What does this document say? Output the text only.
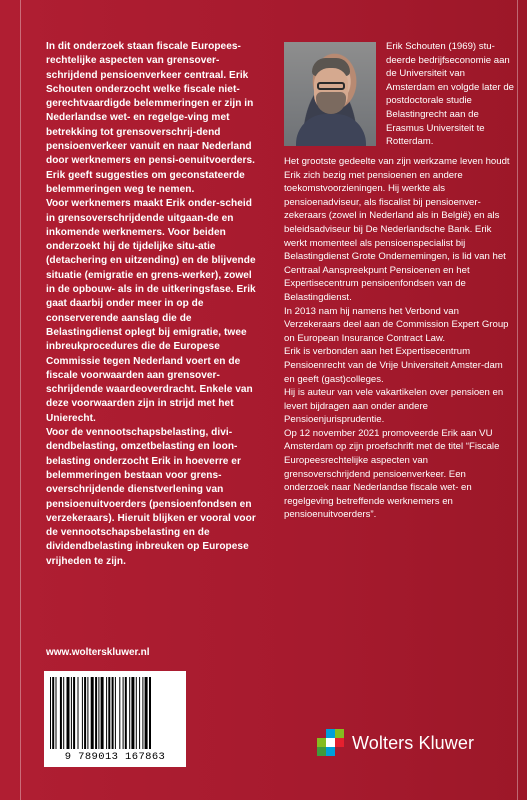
In dit onderzoek staan fiscale Europees-rechtelijke aspecten van grensover-schrijdend pensioenverkeer centraal. Erik Schouten onderzocht welke fiscale niet-gerechtvaardigde belemmeringen er zijn in Nederlandse wet- en regelge-ving met betrekking tot grensoverschrij-dend pensioenverkeer vanuit en naar Nederland door werknemers en pensi-oenuitvoerders. Erik geeft suggesties om geconstateerde belemmeringen weg te nemen.

Voor werknemers maakt Erik onder-scheid in grensoverschrijdende uitgaan-de en inkomende werknemers. Voor beiden onderzoekt hij de tijdelijke situ-atie (detachering en uitzending) en de blijvende situatie (emigratie en grens-werker), zowel in de opbouw- als in de uitkeringsfase. Erik gaat daarbij onder meer in op de conserverende aanslag die de Belastingdienst oplegt bij emigratie, twee inbreukprocedures die de Europese Commissie tegen Nederland voert en de fiscale voorwaarden aan grensover-schrijdende waardeoverdracht. Enkele van deze voorwaarden zijn in strijd met het Unierecht.

Voor de vennootschapsbelasting, divi-dendbelasting, omzetbelasting en loon-belasting onderzocht Erik in hoeverre er belemmeringen bestaan voor grens-overschrijdende dienstverlening van pensioenuitvoerders (pensioenfondsen en verzekeraars). Hieruit blijken er vooral voor de vennootschapsbelasting en de dividendbelasting inbreuken op Europese vrijheden te zijn.

Erik Schouten (1969) stu-deerde bedrijfseconomie aan de Universiteit van Amsterdam en volgde later de postdoctorale studie Belastingrecht aan de Erasmus Universiteit te Rotterdam.

Het grootste gedeelte van zijn werkzame leven houdt Erik zich bezig met pensioenen en andere toekomstvoorzieningen. Hij werkte als pensioenadviseur, als fiscalist bij pensioenver-zekeraars (zowel in Nederland als in België) en als beleidsadviseur bij De Nederlandsche Bank. Erik werkt momenteel als pensioenspecialist bij Belastingdienst Grote Ondernemingen, is lid van het Centraal Aanspreekpunt Pensioenen en het Expertisecentrum pensioenfondsen van de Belastingdienst.

In 2013 nam hij namens het Verbond van Verzekeraars deel aan de Commission Expert Group on European Insurance Contract Law.

Erik is verbonden aan het Expertisecentrum Pensioenrecht van de Vrije Universiteit Amster-dam en geeft (gast)colleges.

Hij is auteur van vele vakartikelen over pensioen en levert bijdragen aan onder andere Pensioenjurisprudentie.

Op 12 november 2021 promoveerde Erik aan VU Amsterdam op zijn proefschrift met de titel “Fiscale Europeesrechtelijke aspecten van grensoverschrijdend pensioenverkeer. Een onderzoek naar Nederlandse fiscale wet- en regelgeving betreffende werknemers en pensioenuitvoerders”.

www.wolterskluwer.nl
9 789013 167863
Wolters Kluwer
